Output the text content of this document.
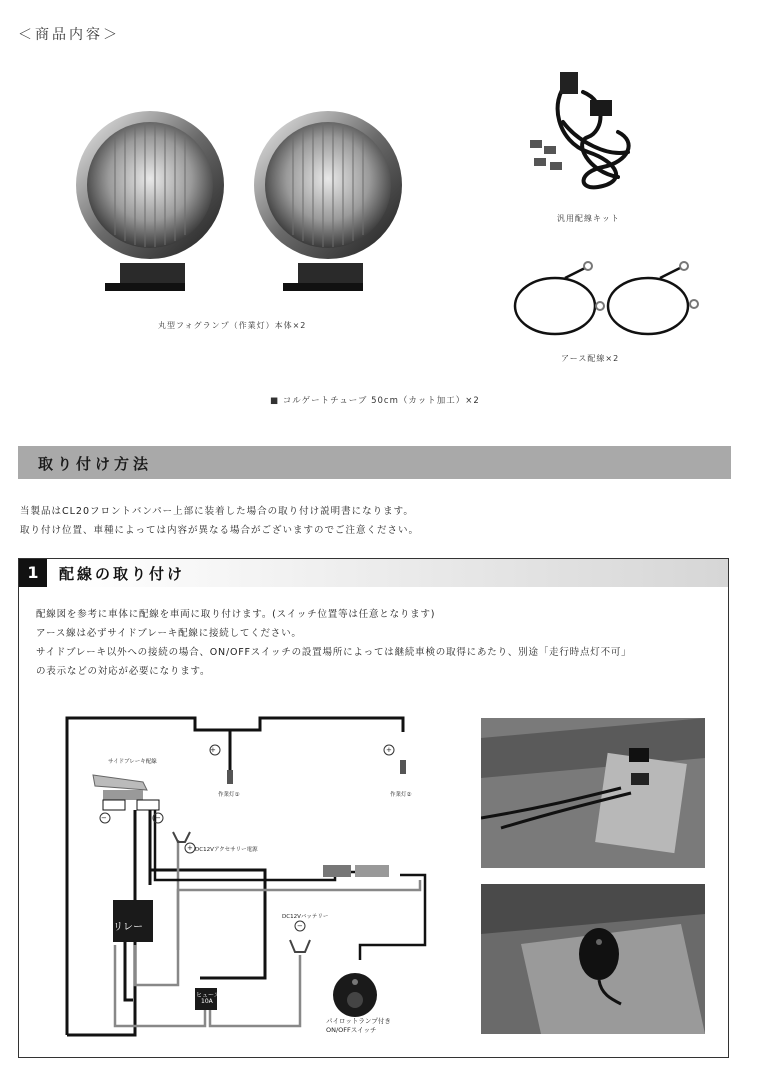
＜商品内容＞
丸型フォグランプ（作業灯）本体×2
汎用配線キット
アース配線×2
■ コルゲートチューブ 50cm（カット加工）×2
取り付け方法
当製品はCL20フロントバンパー上部に装着した場合の取り付け説明書になります。
取り付け位置、車種によっては内容が異なる場合がございますのでご注意ください。
1	配線の取り付け
配線図を参考に車体に配線を車両に取り付けます。(スイッチ位置等は任意となります)
アース線は必ずサイドブレーキ配線に接続してください。
サイドブレーキ以外への接続の場合、ON/OFFスイッチの設置場所によっては継続車検の取得にあたり、別途「走行時点灯不可」
の表示などの対応が必要になります。
+	+
−	−
+
−
サイドブレーキ配線
作業灯①	作業灯②
DC12Vアクセサリー電源
DC12Vバッテリー
リレー
ヒューズ
10A
パイロットランプ付き
ON/OFFスイッチ
